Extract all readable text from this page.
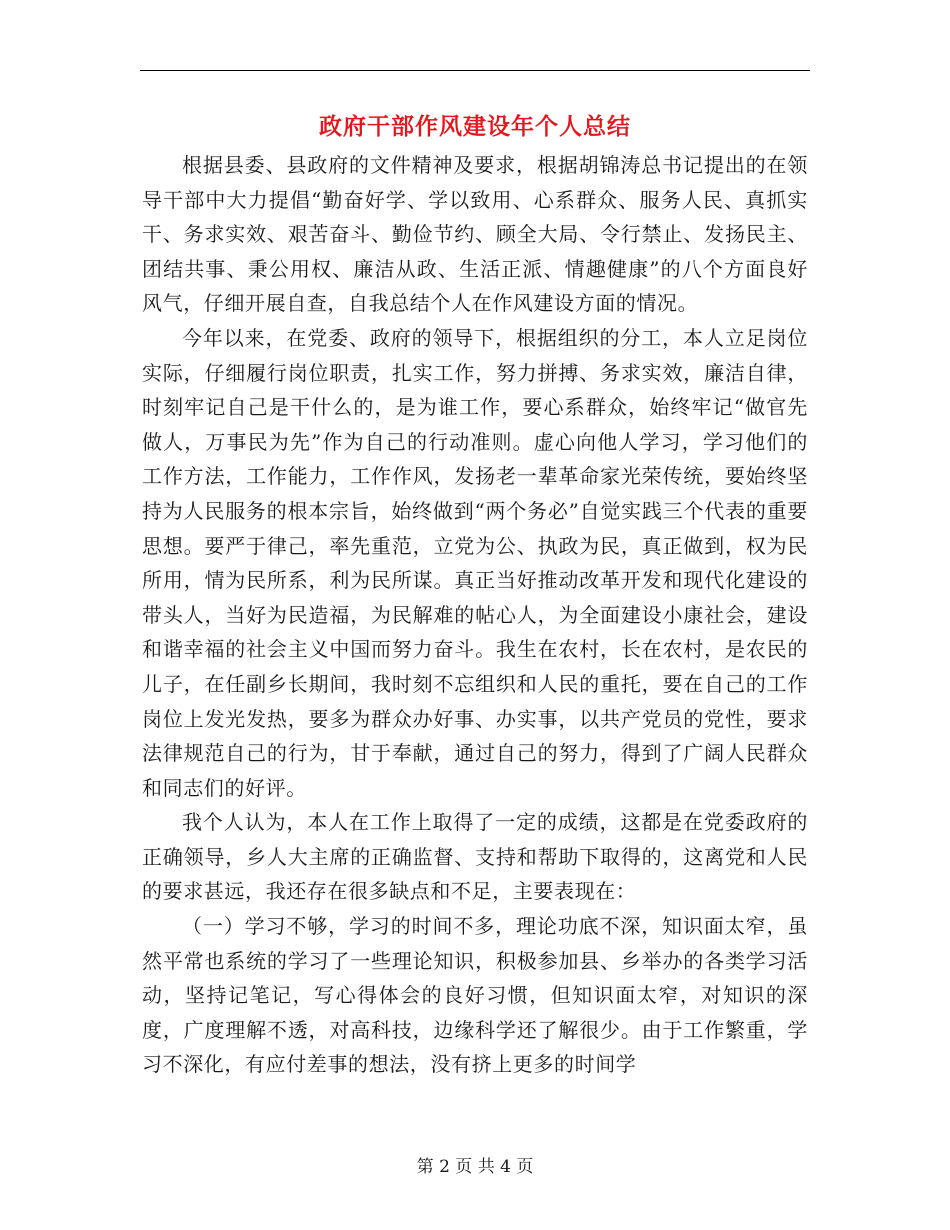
政府干部作风建设年个人总结

根据县委、县政府的文件精神及要求，根据胡锦涛总书记提出的在领导干部中大力提倡“勤奋好学、学以致用、心系群众、服务人民、真抓实干、务求实效、艰苦奋斗、勤俭节约、顾全大局、令行禁止、发扬民主、团结共事、秉公用权、廉洁从政、生活正派、情趣健康”的八个方面良好风气，仔细开展自查，自我总结个人在作风建设方面的情况。

今年以来，在党委、政府的领导下，根据组织的分工，本人立足岗位实际，仔细履行岗位职责，扎实工作，努力拼搏、务求实效，廉洁自律，时刻牢记自己是干什么的，是为谁工作，要心系群众，始终牢记“做官先做人，万事民为先”作为自己的行动准则。虚心向他人学习，学习他们的工作方法，工作能力，工作作风，发扬老一辈革命家光荣传统，要始终坚持为人民服务的根本宗旨，始终做到“两个务必”自觉实践三个代表的重要思想。要严于律己，率先重范，立党为公、执政为民，真正做到，权为民所用，情为民所系，利为民所谋。真正当好推动改革开发和现代化建设的带头人，当好为民造福，为民解难的帖心人，为全面建设小康社会，建设和谐幸福的社会主义中国而努力奋斗。我生在农村，长在农村，是农民的儿子，在任副乡长期间，我时刻不忘组织和人民的重托，要在自己的工作岗位上发光发热，要多为群众办好事、办实事，以共产党员的党性，要求法律规范自己的行为，甘于奉献，通过自己的努力，得到了广阔人民群众和同志们的好评。

我个人认为，本人在工作上取得了一定的成绩，这都是在党委政府的正确领导，乡人大主席的正确监督、支持和帮助下取得的，这离党和人民的要求甚远，我还存在很多缺点和不足，主要表现在：

（一）学习不够，学习的时间不多，理论功底不深，知识面太窄，虽然平常也系统的学习了一些理论知识，积极参加县、乡举办的各类学习活动，坚持记笔记，写心得体会的良好习惯，但知识面太窄，对知识的深度，广度理解不透，对高科技，边缘科学还了解很少。由于工作繁重，学习不深化，有应付差事的想法，没有挤上更多的时间学

第 2 页 共 4 页
